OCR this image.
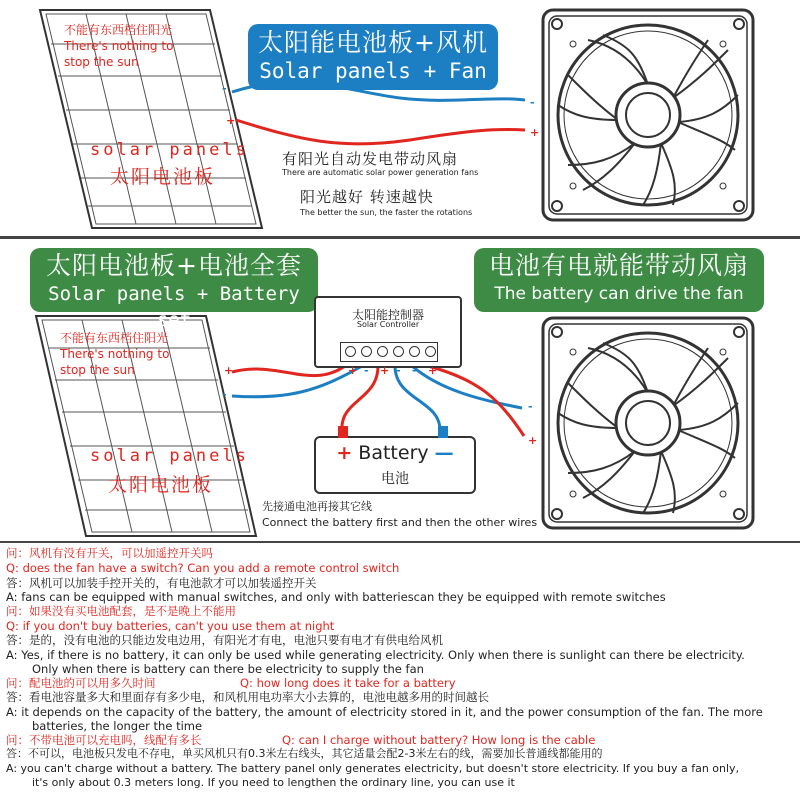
太阳能电池板+风机
Solar panels + Fan
不能有东西档住阳光
There's nothing to
stop the sun
solar panels
太阳电池板
-
+
-
+
有阳光自动发电带动风扇
There are automatic solar power generation fans
阳光越好 转速越快
The better the sun, the faster the rotations
太阳电池板+电池全套
Solar panels + Battery set
电池有电就能带动风扇
The battery can drive the fan
不能有东西档住阳光
There's nothing to
stop the sun
solar panels
太阳电池板
+
-
-
+
太阳能控制器
Solar Controller
+ - + - - +
+ Battery —
电池
先接通电池再接其它线
Connect the battery first and then the other wires
问：风机有没有开关，可以加遥控开关吗
Q: does the fan have a switch? Can you add a remote control switch
答：风机可以加装手控开关的，有电池款才可以加装遥控开关
A: fans can be equipped with manual switches, and only with batteriescan they be equipped with remote switches
问：如果没有买电池配套，是不是晚上不能用
Q: if you don't buy batteries, can't you use them at night
答：是的，没有电池的只能边发电边用，有阳光才有电，电池只要有电才有供电给风机
A: Yes, if there is no battery, it can only be used while generating electricity. Only when there is sunlight can there be electricity.
Only when there is battery can there be electricity to supply the fan
问：配电池的可以用多久时间	Q: how long does it take for a battery
答：看电池容量多大和里面存有多少电，和风机用电功率大小去算的，电池电越多用的时间越长
A: it depends on the capacity of the battery, the amount of electricity stored in it, and the power consumption of the fan. The more
batteries, the longer the time
问：不带电池可以充电吗，线配有多长	Q: can I charge without battery? How long is the cable
答：不可以，电池板只发电不存电，单买风机只有0.3米左右线头，其它适量会配2-3米左右的线，需要加长普通线都能用的
A: you can't charge without a battery. The battery panel only generates electricity, but doesn't store electricity. If you buy a fan only,
it's only about 0.3 meters long. If you need to lengthen the ordinary line, you can use it
